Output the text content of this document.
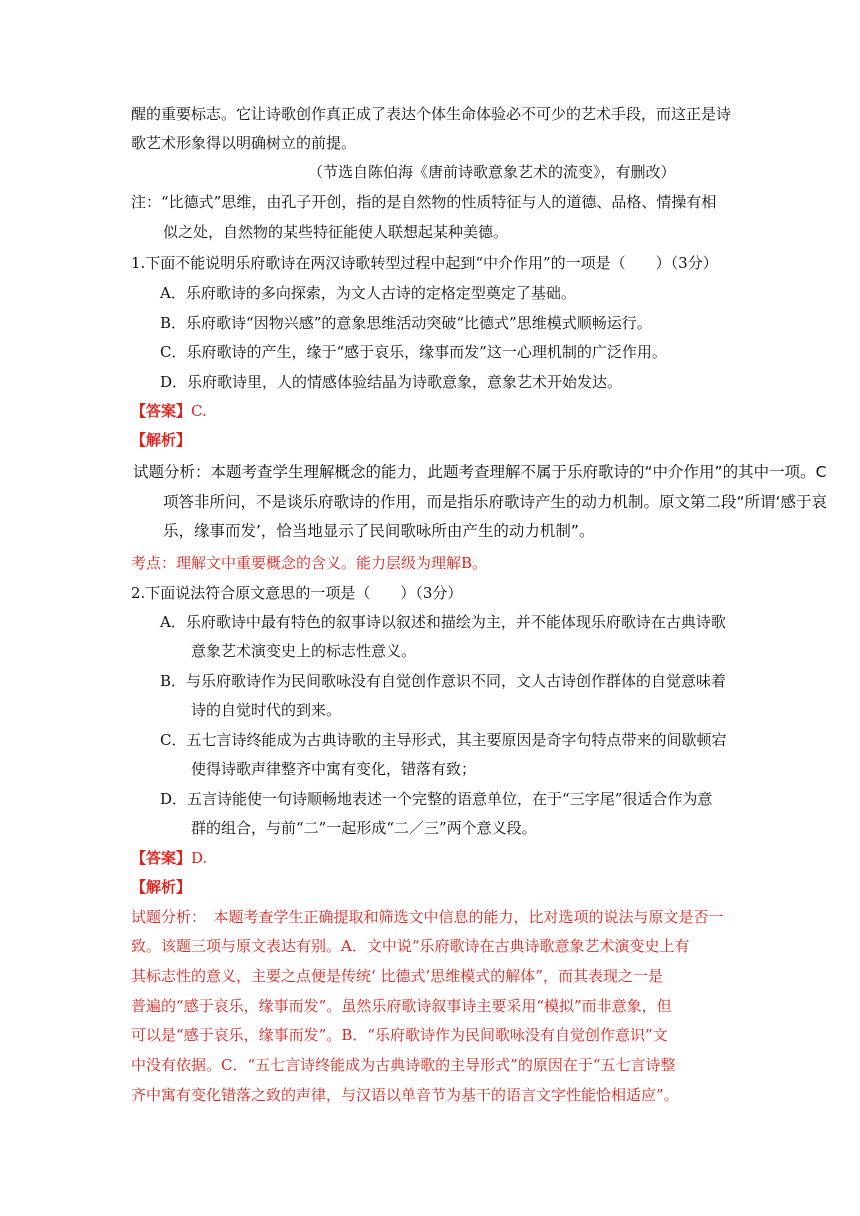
醒的重要标志。它让诗歌创作真正成了表达个体生命体验必不可少的艺术手段，而这正是诗
歌艺术形象得以明确树立的前提。
（节选自陈伯海《唐前诗歌意象艺术的流变》，有删改）
注：“比德式”思维，由孔子开创，指的是自然物的性质特征与人的道德、品格、情操有相
似之处，自然物的某些特征能使人联想起某种美德。
1.下面不能说明乐府歌诗在两汉诗歌转型过程中起到“中介作用”的一项是（　　）（3分）
A．乐府歌诗的多向探索，为文人古诗的定格定型奠定了基础。
B．乐府歌诗“因物兴感”的意象思维活动突破“比德式”思维模式顺畅运行。
C．乐府歌诗的产生，缘于“感于哀乐，缘事而发”这一心理机制的广泛作用。
D．乐府歌诗里，人的情感体验结晶为诗歌意象，意象艺术开始发达。
【答案】C.
【解析】
试题分析：本题考查学生理解概念的能力，此题考查理解不属于乐府歌诗的“中介作用”的其中一项。C
项答非所问，不是谈乐府歌诗的作用，而是指乐府歌诗产生的动力机制。原文第二段“所谓‘感于哀
乐，缘事而发’，恰当地显示了民间歌咏所由产生的动力机制”。
考点：理解文中重要概念的含义。能力层级为理解B。
2.下面说法符合原文意思的一项是（　　）（3分）
A．乐府歌诗中最有特色的叙事诗以叙述和描绘为主，并不能体现乐府歌诗在古典诗歌
意象艺术演变史上的标志性意义。
B．与乐府歌诗作为民间歌咏没有自觉创作意识不同，文人古诗创作群体的自觉意味着
诗的自觉时代的到来。
C．五七言诗终能成为古典诗歌的主导形式，其主要原因是奇字句特点带来的间歇顿宕
使得诗歌声律整齐中寓有变化，错落有致；
D．五言诗能使一句诗顺畅地表述一个完整的语意单位，在于“三字尾”很适合作为意
群的组合，与前“二”一起形成“二／三”两个意义段。
【答案】D.
【解析】
试题分析：　本题考查学生正确提取和筛选文中信息的能力，比对选项的说法与原文是否一
致。该题三项与原文表达有别。A．文中说“乐府歌诗在古典诗歌意象艺术演变史上有
其标志性的意义，主要之点便是传统‘ 比德式’思维模式的解体”，而其表现之一是
普遍的“感于哀乐，缘事而发”。虽然乐府歌诗叙事诗主要采用“模拟”而非意象，但
可以是“感于哀乐，缘事而发”。B．“乐府歌诗作为民间歌咏没有自觉创作意识”文
中没有依据。C．“五七言诗终能成为古典诗歌的主导形式”的原因在于“五七言诗整
齐中寓有变化错落之致的声律，与汉语以单音节为基干的语言文字性能恰相适应”。
